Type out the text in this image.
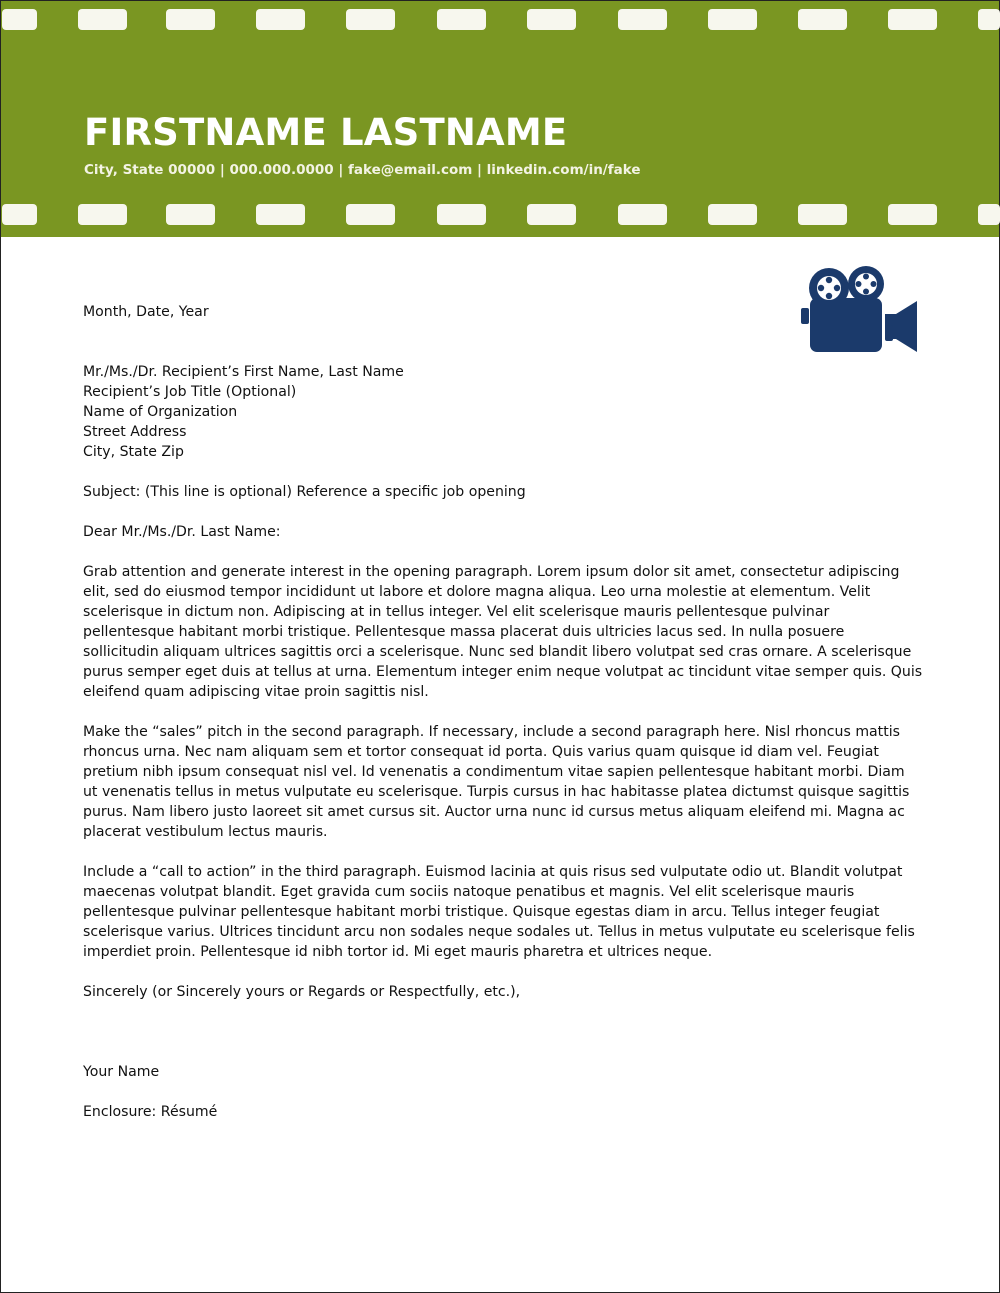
FIRSTNAME LASTNAME

City, State 00000 | 000.000.0000 | fake@email.com | linkedin.com/in/fake

Month, Date, Year

Mr./Ms./Dr. Recipient’s First Name, Last Name
Recipient’s Job Title (Optional)
Name of Organization
Street Address
City, State Zip

Subject: (This line is optional) Reference a specific job opening

Dear Mr./Ms./Dr. Last Name:

Grab attention and generate interest in the opening paragraph. Lorem ipsum dolor sit amet, consectetur adipiscing elit, sed do eiusmod tempor incididunt ut labore et dolore magna aliqua. Leo urna molestie at elementum. Velit scelerisque in dictum non. Adipiscing at in tellus integer. Vel elit scelerisque mauris pellentesque pulvinar pellentesque habitant morbi tristique. Pellentesque massa placerat duis ultricies lacus sed. In nulla posuere sollicitudin aliquam ultrices sagittis orci a scelerisque. Nunc sed blandit libero volutpat sed cras ornare. A scelerisque purus semper eget duis at tellus at urna. Elementum integer enim neque volutpat ac tincidunt vitae semper quis. Quis eleifend quam adipiscing vitae proin sagittis nisl.

Make the “sales” pitch in the second paragraph. If necessary, include a second paragraph here. Nisl rhoncus mattis rhoncus urna. Nec nam aliquam sem et tortor consequat id porta. Quis varius quam quisque id diam vel. Feugiat pretium nibh ipsum consequat nisl vel. Id venenatis a condimentum vitae sapien pellentesque habitant morbi. Diam ut venenatis tellus in metus vulputate eu scelerisque. Turpis cursus in hac habitasse platea dictumst quisque sagittis purus. Nam libero justo laoreet sit amet cursus sit. Auctor urna nunc id cursus metus aliquam eleifend mi. Magna ac placerat vestibulum lectus mauris.

Include a “call to action” in the third paragraph. Euismod lacinia at quis risus sed vulputate odio ut. Blandit volutpat maecenas volutpat blandit. Eget gravida cum sociis natoque penatibus et magnis. Vel elit scelerisque mauris pellentesque pulvinar pellentesque habitant morbi tristique. Quisque egestas diam in arcu. Tellus integer feugiat scelerisque varius. Ultrices tincidunt arcu non sodales neque sodales ut. Tellus in metus vulputate eu scelerisque felis imperdiet proin. Pellentesque id nibh tortor id. Mi eget mauris pharetra et ultrices neque.

Sincerely (or Sincerely yours or Regards or Respectfully, etc.),

Your Name

Enclosure: Résumé
